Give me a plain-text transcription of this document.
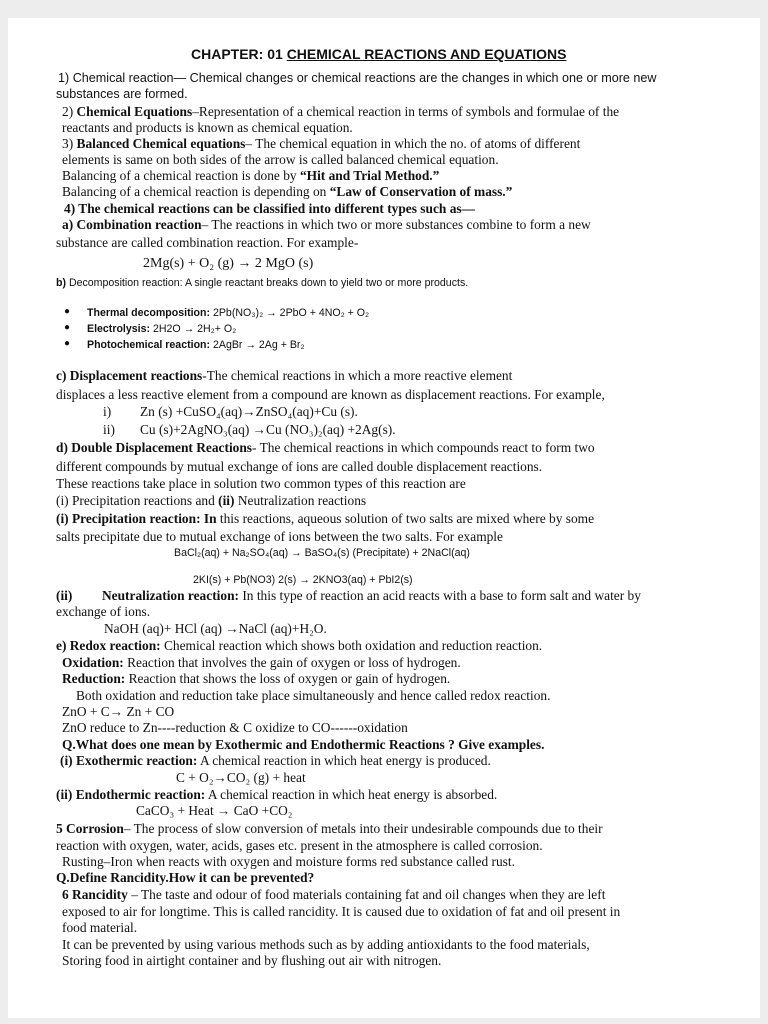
CHAPTER: 01 CHEMICAL REACTIONS AND EQUATIONS
1) Chemical reaction— Chemical changes or chemical reactions are the changes in which one or more new
substances are formed.
2) Chemical Equations–Representation of a chemical reaction in terms of symbols and formulae of the
reactants and products is known as chemical equation.
3) Balanced Chemical equations– The chemical equation in which the no. of atoms of different
elements is same on both sides of the arrow is called balanced chemical equation.
Balancing of a chemical reaction is done by “Hit and Trial Method.”
Balancing of a chemical reaction is depending on “Law of Conservation of mass.”
4) The chemical reactions can be classified into different types such as—
a) Combination reaction– The reactions in which two or more substances combine to form a new
substance are called combination reaction. For example-
2Mg(s) + O₂ (g) → 2 MgO (s)
b) Decomposition reaction: A single reactant breaks down to yield two or more products.
● Thermal decomposition: 2Pb(NO₃)₂ → 2PbO + 4NO₂ + O₂
● Electrolysis: 2H2O → 2H₂+ O₂
● Photochemical reaction: 2AgBr → 2Ag + Br₂
c) Displacement reactions-The chemical reactions in which a more reactive element
displaces a less reactive element from a compound are known as displacement reactions. For example,
i) Zn (s) +CuSO₄(aq)→ZnSO₄(aq)+Cu (s).
ii) Cu (s)+2AgNO₃(aq) →Cu (NO₃)₂(aq) +2Ag(s).
d) Double Displacement Reactions- The chemical reactions in which compounds react to form two
different compounds by mutual exchange of ions are called double displacement reactions.
These reactions take place in solution two common types of this reaction are
(i) Precipitation reactions and (ii) Neutralization reactions
(i) Precipitation reaction: In this reactions, aqueous solution of two salts are mixed where by some
salts precipitate due to mutual exchange of ions between the two salts. For example
BaCl₂(aq) + Na₂SO₄(aq) → BaSO₄(s) (Precipitate) + 2NaCl(aq)
2KI(s) + Pb(NO3) 2(s) → 2KNO3(aq) + PbI2(s)
(ii) Neutralization reaction: In this type of reaction an acid reacts with a base to form salt and water by
exchange of ions.
NaOH (aq)+ HCl (aq) →NaCl (aq)+H₂O.
e) Redox reaction: Chemical reaction which shows both oxidation and reduction reaction.
Oxidation: Reaction that involves the gain of oxygen or loss of hydrogen.
Reduction: Reaction that shows the loss of oxygen or gain of hydrogen.
Both oxidation and reduction take place simultaneously and hence called redox reaction.
ZnO + C→ Zn + CO
ZnO reduce to Zn----reduction & C oxidize to CO------oxidation
Q.What does one mean by Exothermic and Endothermic Reactions ? Give examples.
(i) Exothermic reaction: A chemical reaction in which heat energy is produced.
C + O₂→CO₂ (g) + heat
(ii) Endothermic reaction: A chemical reaction in which heat energy is absorbed.
CaCO₃ + Heat → CaO +CO₂
5 Corrosion– The process of slow conversion of metals into their undesirable compounds due to their
reaction with oxygen, water, acids, gases etc. present in the atmosphere is called corrosion.
Rusting–Iron when reacts with oxygen and moisture forms red substance called rust.
Q.Define Rancidity.How it can be prevented?
6 Rancidity – The taste and odour of food materials containing fat and oil changes when they are left
exposed to air for longtime. This is called rancidity. It is caused due to oxidation of fat and oil present in
food material.
It can be prevented by using various methods such as by adding antioxidants to the food materials,
Storing food in airtight container and by flushing out air with nitrogen.
